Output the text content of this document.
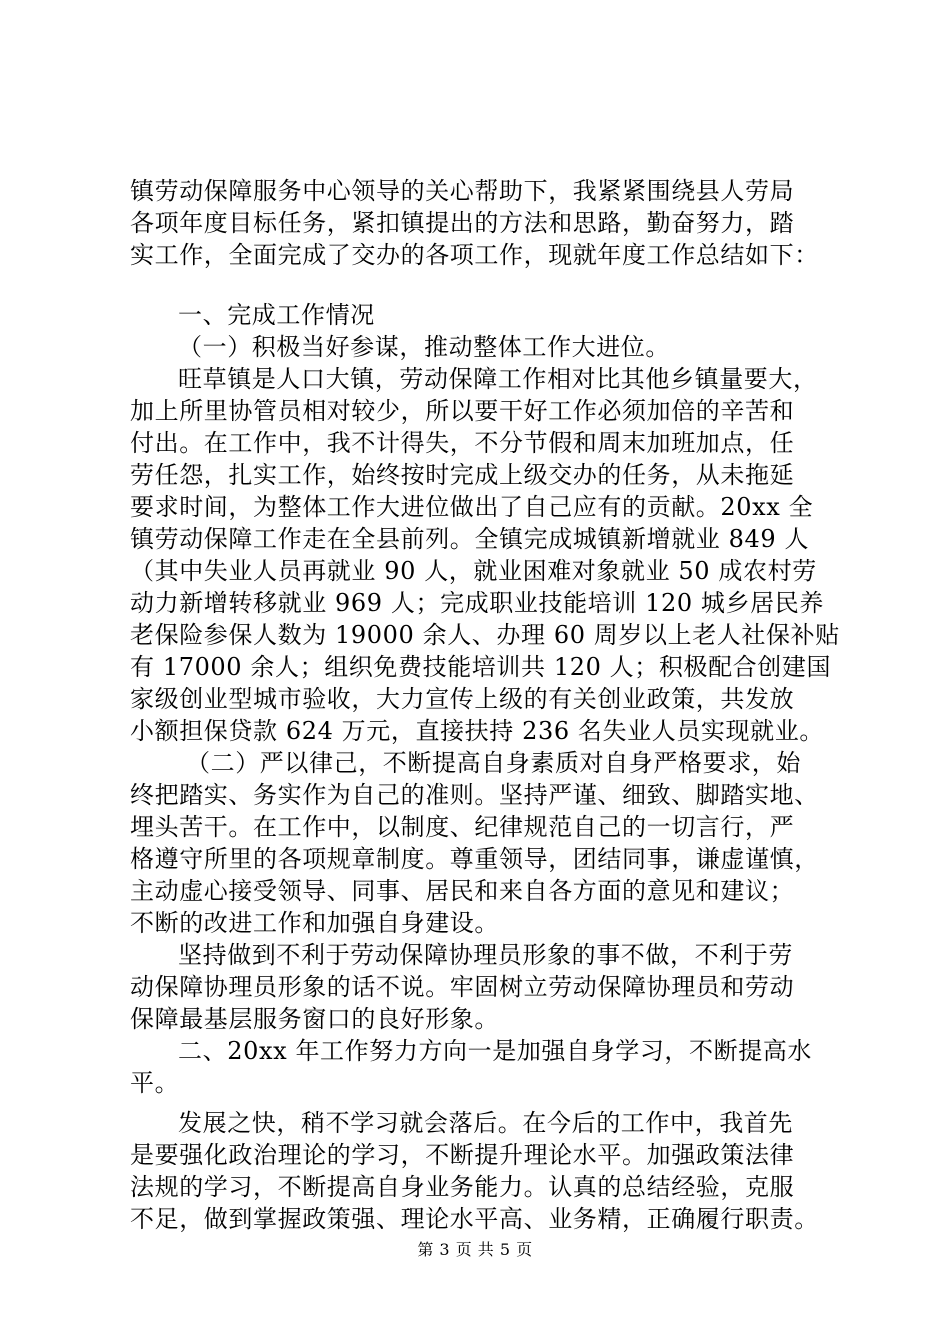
镇劳动保障服务中心领导的关心帮助下，我紧紧围绕县人劳局
各项年度目标任务，紧扣镇提出的方法和思路，勤奋努力，踏
实工作，全面完成了交办的各项工作，现就年度工作总结如下：
一、完成工作情况
（一）积极当好参谋，推动整体工作大进位。
旺草镇是人口大镇，劳动保障工作相对比其他乡镇量要大，
加上所里协管员相对较少，所以要干好工作必须加倍的辛苦和
付出。在工作中，我不计得失，不分节假和周末加班加点，任
劳任怨，扎实工作，始终按时完成上级交办的任务，从未拖延
要求时间，为整体工作大进位做出了自己应有的贡献。20xx 全
镇劳动保障工作走在全县前列。全镇完成城镇新增就业 849 人
（其中失业人员再就业 90 人，就业困难对象就业 50 成农村劳
动力新增转移就业 969 人；完成职业技能培训 120 城乡居民养
老保险参保人数为 19000 余人、办理 60 周岁以上老人社保补贴
有 17000 余人；组织免费技能培训共 120 人；积极配合创建国
家级创业型城市验收，大力宣传上级的有关创业政策，共发放
小额担保贷款 624 万元，直接扶持 236 名失业人员实现就业。
（二）严以律己，不断提高自身素质对自身严格要求，始
终把踏实、务实作为自己的准则。坚持严谨、细致、脚踏实地、
埋头苦干。在工作中，以制度、纪律规范自己的一切言行，严
格遵守所里的各项规章制度。尊重领导，团结同事，谦虚谨慎，
主动虚心接受领导、同事、居民和来自各方面的意见和建议；
不断的改进工作和加强自身建设。
坚持做到不利于劳动保障协理员形象的事不做，不利于劳
动保障协理员形象的话不说。牢固树立劳动保障协理员和劳动
保障最基层服务窗口的良好形象。
二、20xx 年工作努力方向一是加强自身学习，不断提高水
平。
发展之快，稍不学习就会落后。在今后的工作中，我首先
是要强化政治理论的学习，不断提升理论水平。加强政策法律
法规的学习，不断提高自身业务能力。认真的总结经验，克服
不足，做到掌握政策强、理论水平高、业务精，正确履行职责。
第 3 页 共 5 页
